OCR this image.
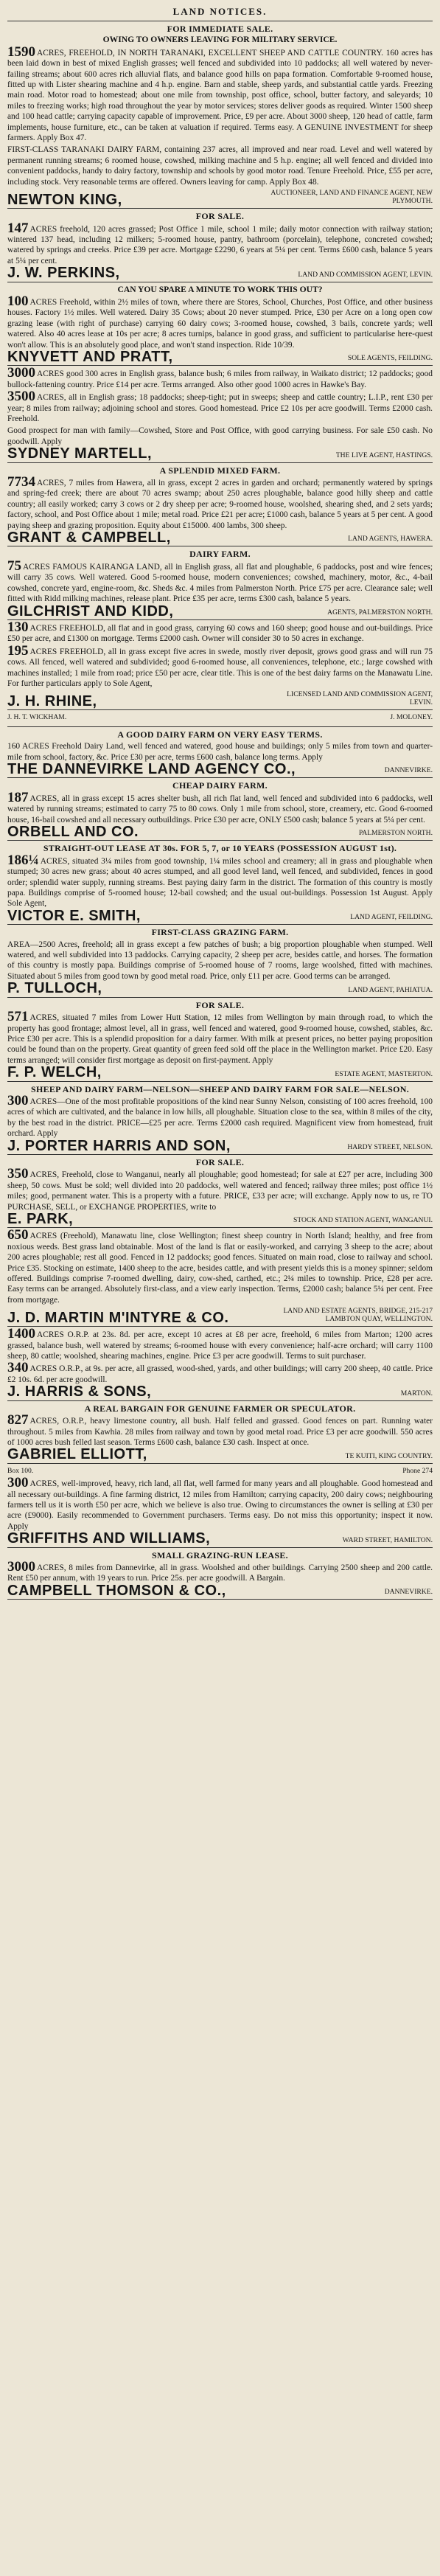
LAND NOTICES.
FOR IMMEDIATE SALE.
OWING TO OWNERS LEAVING FOR MILITARY SERVICE.
1590 ACRES, FREEHOLD, IN NORTH TARANAKI, EXCELLENT SHEEP AND CATTLE COUNTRY. 160 acres has been laid down in best of mixed English grasses; well fenced and subdivided into 10 paddocks; all well watered by never-failing streams; about 600 acres rich alluvial flats, and balance good hills on papa formation. Comfortable 9-roomed house, fitted up with Lister shearing machine and 4 h.p. engine. Barn and stable, sheep yards, and substantial cattle yards. Freezing main road. Motor road to homestead; about one mile from township, post office, school, butter factory, and saleyards; 10 miles to freezing works; high road throughout the year by motor services; stores deliver goods as required. Winter 1500 sheep and 100 head cattle; carrying capacity capable of improvement. Price, £9 per acre. About 3000 sheep, 120 head of cattle, farm implements, house furniture, etc., can be taken at valuation if required. Terms easy. A GENUINE INVESTMENT for sheep farmers. Apply Box 47.
FIRST-CLASS TARANAKI DAIRY FARM, containing 237 acres, all improved and near road. Level and well watered by permanent running streams; 6 roomed house, cowshed, milking machine and 5 h.p. engine; all well fenced and divided into convenient paddocks, handy to dairy factory, township and schools by good motor road. Tenure Freehold. Price, £55 per acre, including stock. Very reasonable terms are offered. Owners leaving for camp. Apply Box 48.
NEWTON KING,	AUCTIONEER, LAND AND FINANCE AGENT, NEW PLYMOUTH.
FOR SALE.
147 ACRES freehold, 120 acres grassed; Post Office 1 mile, school 1 mile; daily motor connection with railway station; wintered 137 head, including 12 milkers; 5-roomed house, pantry, bathroom (porcelain), telephone, concreted cowshed; watered by springs and creeks. Price £39 per acre. Mortgage £2290, 6 years at 5¼ per cent. Terms £600 cash, balance 5 years at 5¼ per cent.
J. W. PERKINS,	LAND AND COMMISSION AGENT, LEVIN.
CAN YOU SPARE A MINUTE TO WORK THIS OUT?
100 ACRES Freehold, within 2½ miles of town, where there are Stores, School, Churches, Post Office, and other business houses. Factory 1½ miles. Well watered. Dairy 35 Cows; about 20 never stumped. Price, £30 per Acre on a long open cow grazing lease (with right of purchase) carrying 60 dairy cows; 3-roomed house, cowshed, 3 bails, concrete yards; well watered. Also 40 acres lease at 10s per acre; 8 acres turnips, balance in good grass, and sufficient to particularise here-quest won't allow. This is an absolutely good place, and won't stand inspection. Ride 10/39.
KNYVETT AND PRATT,	SOLE AGENTS, FEILDING.
3000 ACRES good 300 acres in English grass, balance bush; 6 miles from railway, in Waikato district; 12 paddocks; good bullock-fattening country. Price £14 per acre. Terms arranged. Also other good 1000 acres in Hawke's Bay.
3500 ACRES, all in English grass; 18 paddocks; sheep-tight; put in sweeps; sheep and cattle country; L.I.P., rent £30 per year; 8 miles from railway; adjoining school and stores. Good homestead. Price £2 10s per acre goodwill. Terms £2000 cash. Freehold.
Good prospect for man with family—Cowshed, Store and Post Office, with good carrying business. For sale £50 cash. No goodwill. Apply
SYDNEY MARTELL,	THE LIVE AGENT, HASTINGS.
A SPLENDID MIXED FARM.
7734 ACRES, 7 miles from Hawera, all in grass, except 2 acres in garden and orchard; permanently watered by springs and spring-fed creek; there are about 70 acres swamp; about 250 acres ploughable, balance good hilly sheep and cattle country; all easily worked; carry 3 cows or 2 dry sheep per acre; 9-roomed house, woolshed, shearing shed, and 2 sets yards; factory, school, and Post Office about 1 mile; metal road. Price £21 per acre; £1000 cash, balance 5 years at 5 per cent. A good paying sheep and grazing proposition. Equity about £15000. 400 lambs, 300 sheep.
GRANT & CAMPBELL,	LAND AGENTS, HAWERA.
DAIRY FARM.
75 ACRES FAMOUS KAIRANGA LAND, all in English grass, all flat and ploughable, 6 paddocks, post and wire fences; will carry 35 cows. Well watered. Good 5-roomed house, modern conveniences; cowshed, machinery, motor, &c., 4-bail cowshed, concrete yard, engine-room, &c. Sheds &c. 4 miles from Palmerston North. Price £75 per acre. Clearance sale; well fitted with Ridd milking machines, release plant. Price £35 per acre, terms £300 cash, balance 5 years.
GILCHRIST AND KIDD,	AGENTS, PALMERSTON NORTH.
130 ACRES FREEHOLD, all flat and in good grass, carrying 60 cows and 160 sheep; good house and out-buildings. Price £50 per acre, and £1300 on mortgage. Terms £2000 cash. Owner will consider 30 to 50 acres in exchange.
195 ACRES FREEHOLD, all in grass except five acres in swede, mostly river deposit, grows good grass and will run 75 cows. All fenced, well watered and subdivided; good 6-roomed house, all conveniences, telephone, etc.; large cowshed with machines installed; 1 mile from road; price £50 per acre, clear title. This is one of the best dairy farms on the Manawatu Line. For further particulars apply to Sole Agent,
J. H. RHINE,	LICENSED LAND AND COMMISSION AGENT, LEVIN.
J. H. T. WICKHAM.	J. MOLONEY.
A GOOD DAIRY FARM ON VERY EASY TERMS.
160 ACRES Freehold Dairy Land, well fenced and watered, good house and buildings; only 5 miles from town and quarter-mile from school, factory, &c. Price £30 per acre, terms £600 cash, balance long terms. Apply
THE DANNEVIRKE LAND AGENCY CO.,	DANNEVIRKE.
CHEAP DAIRY FARM.
187 ACRES, all in grass except 15 acres shelter bush, all rich flat land, well fenced and subdivided into 6 paddocks, well watered by running streams; estimated to carry 75 to 80 cows. Only 1 mile from school, store, creamery, etc. Good 6-roomed house, 16-bail cowshed and all necessary outbuildings. Price £30 per acre, ONLY £500 cash; balance 5 years at 5¼ per cent.
ORBELL AND CO.	PALMERSTON NORTH.
STRAIGHT-OUT LEASE AT 30s. FOR 5, 7, or 10 YEARS (POSSESSION AUGUST 1st).
186¼ ACRES, situated 3¼ miles from good township, 1¼ miles school and creamery; all in grass and ploughable when stumped; 30 acres new grass; about 40 acres stumped, and all good level land, well fenced, and subdivided, fences in good order; splendid water supply, running streams. Best paying dairy farm in the district. The formation of this country is mostly papa. Buildings comprise of 5-roomed house; 12-bail cowshed; and the usual out-buildings. Possession 1st August. Apply Sole Agent,
VICTOR E. SMITH,	LAND AGENT, FEILDING.
FIRST-CLASS GRAZING FARM.
AREA—2500 Acres, freehold; all in grass except a few patches of bush; a big proportion ploughable when stumped. Well watered, and well subdivided into 13 paddocks. Carrying capacity, 2 sheep per acre, besides cattle, and horses. The formation of this country is mostly papa. Buildings comprise of 5-roomed house of 7 rooms, large woolshed, fitted with machines. Situated about 5 miles from good town by good metal road. Price, only £11 per acre. Good terms can be arranged.
P. TULLOCH,	LAND AGENT, PAHIATUA.
FOR SALE.
571 ACRES, situated 7 miles from Lower Hutt Station, 12 miles from Wellington by main through road, to which the property has good frontage; almost level, all in grass, well fenced and watered, good 9-roomed house, cowshed, stables, &c. Price £30 per acre. This is a splendid proposition for a dairy farmer. With milk at present prices, no better paying proposition could be found than on the property. Great quantity of green feed sold off the place in the Wellington market. Price £20. Easy terms arranged; will consider first mortgage as deposit on first-payment. Apply
F. P. WELCH,	ESTATE AGENT, MASTERTON.
SHEEP AND DAIRY FARM—NELSON—SHEEP AND DAIRY FARM FOR SALE—NELSON.
300 ACRES—One of the most profitable propositions of the kind near Sunny Nelson, consisting of 100 acres freehold, 100 acres of which are cultivated, and the balance in low hills, all ploughable. Situation close to the sea, within 8 miles of the city, by the best road in the district. PRICE—£25 per acre. Terms £2000 cash required. Magnificent view from homestead, fruit orchard. Apply
J. PORTER HARRIS AND SON,	HARDY STREET, NELSON.
FOR SALE.
350 ACRES, Freehold, close to Wanganui, nearly all ploughable; good homestead; for sale at £27 per acre, including 300 sheep, 50 cows. Must be sold; well divided into 20 paddocks, well watered and fenced; railway three miles; post office 1½ miles; good, permanent water. This is a property with a future. PRICE, £33 per acre; will exchange. Apply now to us, re TO PURCHASE, SELL, or EXCHANGE PROPERTIES, write to
E. PARK,	STOCK AND STATION AGENT, WANGANUI.
650 ACRES (Freehold), Manawatu line, close Wellington; finest sheep country in North Island; healthy, and free from noxious weeds. Best grass land obtainable. Most of the land is flat or easily-worked, and carrying 3 sheep to the acre; about 200 acres ploughable; rest all good. Fenced in 12 paddocks; good fences. Situated on main road, close to railway and school. Price £35. Stocking on estimate, 1400 sheep to the acre, besides cattle, and with present yields this is a money spinner; seldom offered. Buildings comprise 7-roomed dwelling, dairy, cow-shed, carthed, etc.; 2¼ miles to township. Price, £28 per acre. Easy terms can be arranged. Absolutely first-class, and a view early inspection. Terms, £2000 cash; balance 5¼ per cent. Free from mortgage.
J. D. MARTIN M'INTYRE & CO.	LAND AND ESTATE AGENTS, BRIDGE, 215-217 LAMBTON QUAY, WELLINGTON.
1400 ACRES O.R.P. at 23s. 8d. per acre, except 10 acres at £8 per acre, freehold, 6 miles from Marton; 1200 acres grassed, balance bush, well watered by streams; 6-roomed house with every convenience; half-acre orchard; will carry 1100 sheep, 80 cattle; woolshed, shearing machines, engine. Price £3 per acre goodwill. Terms to suit purchaser.
340 ACRES O.R.P., at 9s. per acre, all grassed, wood-shed, yards, and other buildings; will carry 200 sheep, 40 cattle. Price £2 10s. 6d. per acre goodwill.
J. HARRIS & SONS,	MARTON.
A REAL BARGAIN FOR GENUINE FARMER OR SPECULATOR.
827 ACRES, O.R.P., heavy limestone country, all bush. Half felled and grassed. Good fences on part. Running water throughout. 5 miles from Kawhia. 28 miles from railway and town by good metal road. Price £3 per acre goodwill. 550 acres of 1000 acres bush felled last season. Terms £600 cash, balance £30 cash. Inspect at once.
GABRIEL ELLIOTT,	TE KUITI, KING COUNTRY.
Box 100.	Phone 274
300 ACRES, well-improved, heavy, rich land, all flat, well farmed for many years and all ploughable. Good homestead and all necessary out-buildings. A fine farming district, 12 miles from Hamilton; carrying capacity, 200 dairy cows; neighbouring farmers tell us it is worth £50 per acre, which we believe is also true. Owing to circumstances the owner is selling at £30 per acre (£9000). Easily recommended to Government purchasers. Terms easy. Do not miss this opportunity; inspect it now. Apply
GRIFFITHS AND WILLIAMS,	WARD STREET, HAMILTON.
SMALL GRAZING-RUN LEASE.
3000 ACRES, 8 miles from Dannevirke, all in grass. Woolshed and other buildings. Carrying 2500 sheep and 200 cattle. Rent £50 per annum, with 19 years to run. Price 25s. per acre goodwill. A Bargain.
CAMPBELL THOMSON & CO.,	DANNEVIRKE.
